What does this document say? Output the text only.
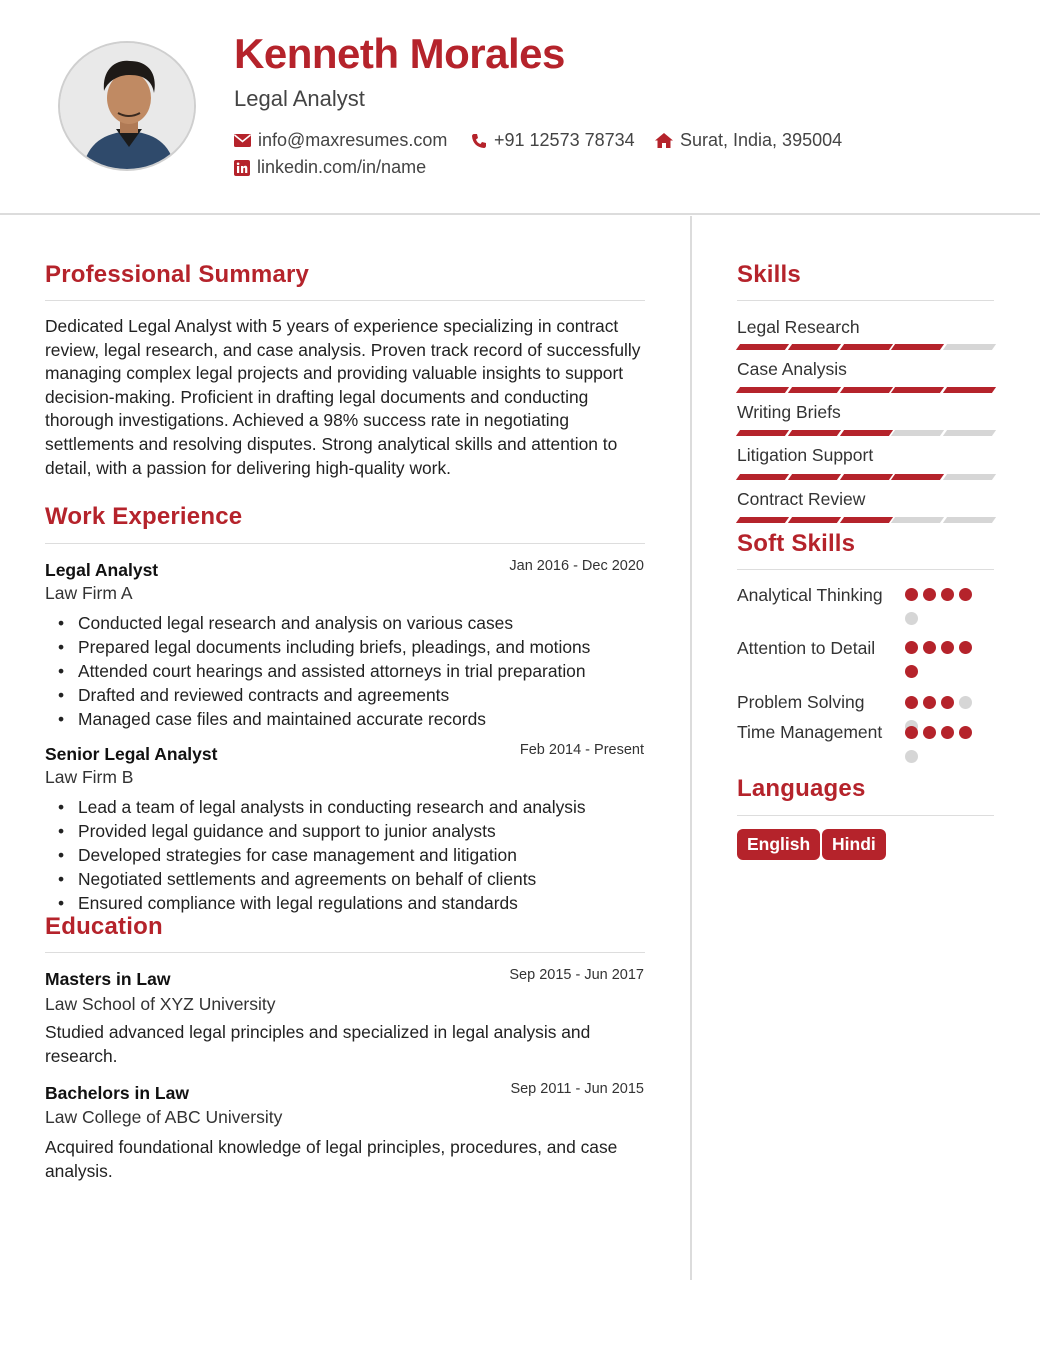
Kenneth Morales
Legal Analyst
info@maxresumes.com	+91 12573 78734	Surat, India, 395004
linkedin.com/in/name
Professional Summary
Dedicated Legal Analyst with 5 years of experience specializing in contract review, legal research, and case analysis. Proven track record of successfully managing complex legal projects and providing valuable insights to support decision-making. Proficient in drafting legal documents and conducting thorough investigations. Achieved a 98% success rate in negotiating settlements and resolving disputes. Strong analytical skills and attention to detail, with a passion for delivering high-quality work.
Work Experience
Legal Analyst	Jan 2016 - Dec 2020
Law Firm A
• Conducted legal research and analysis on various cases
• Prepared legal documents including briefs, pleadings, and motions
• Attended court hearings and assisted attorneys in trial preparation
• Drafted and reviewed contracts and agreements
• Managed case files and maintained accurate records
Senior Legal Analyst	Feb 2014 - Present
Law Firm B
• Lead a team of legal analysts in conducting research and analysis
• Provided legal guidance and support to junior analysts
• Developed strategies for case management and litigation
• Negotiated settlements and agreements on behalf of clients
• Ensured compliance with legal regulations and standards
Education
Masters in Law	Sep 2015 - Jun 2017
Law School of XYZ University
Studied advanced legal principles and specialized in legal analysis and research.
Bachelors in Law	Sep 2011 - Jun 2015
Law College of ABC University
Acquired foundational knowledge of legal principles, procedures, and case analysis.
Skills
Legal Research
Case Analysis
Writing Briefs
Litigation Support
Contract Review
Soft Skills
Analytical Thinking
Attention to Detail
Problem Solving
Time Management
Languages
English	Hindi
